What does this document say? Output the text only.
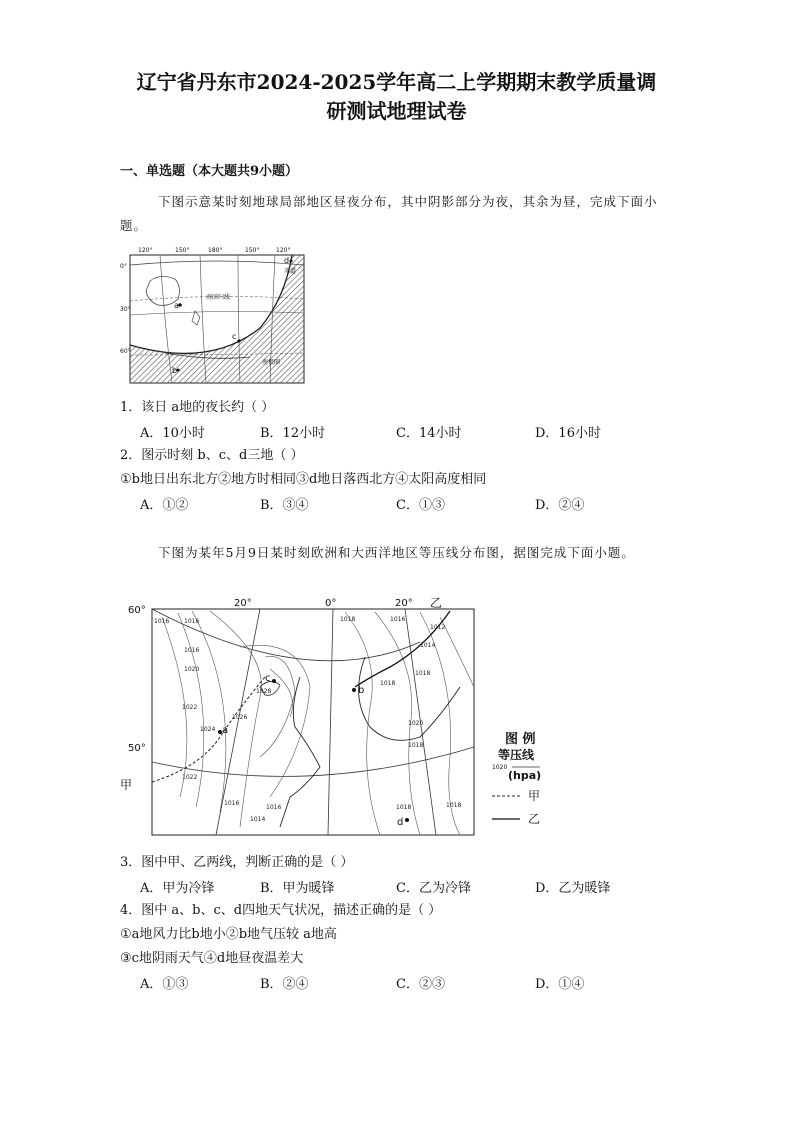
辽宁省丹东市2024-2025学年高二上学期期末教学质量调
研测试地理试卷
一、单选题（本大题共9小题）
下图示意某时刻地球局部地区昼夜分布，其中阴影部分为夜，其余为昼，完成下面小题。
120°	150°	180°	150°	120°
0°
30°
60°
南回归线
赤道
南极圈
a
c
b
d
1．该日 a地的夜长约（ ）
A．10小时	B．12小时	C．14小时	D．16小时
2．图示时刻 b、c、d三地（ ）
①b地日出东北方②地方时相同③d地日落西北方④太阳高度相同
A．①②	B．③④	C．①③	D．②④
下图为某年5月9日某时刻欧洲和大西洋地区等压线分布图，据图完成下面小题。
a
b
c
d
20°	0°	20°
60°
50°
甲
乙
1016 1016
1016
1018	1016
1012
1014
1020
1018
1022
1028
1024
1026
1022
1018
1020
1018
1016
1016
1014
1018	1018
图 例
等压线
1020
(hpa)
甲
乙
3．图中甲、乙两线，判断正确的是（ ）
A．甲为冷锋	B．甲为暖锋	C．乙为冷锋	D．乙为暖锋
4．图中 a、b、c、d四地天气状况，描述正确的是（ ）
①a地风力比b地小②b地气压较 a地高
③c地阴雨天气④d地昼夜温差大
A．①③	B．②④	C．②③	D．①④
